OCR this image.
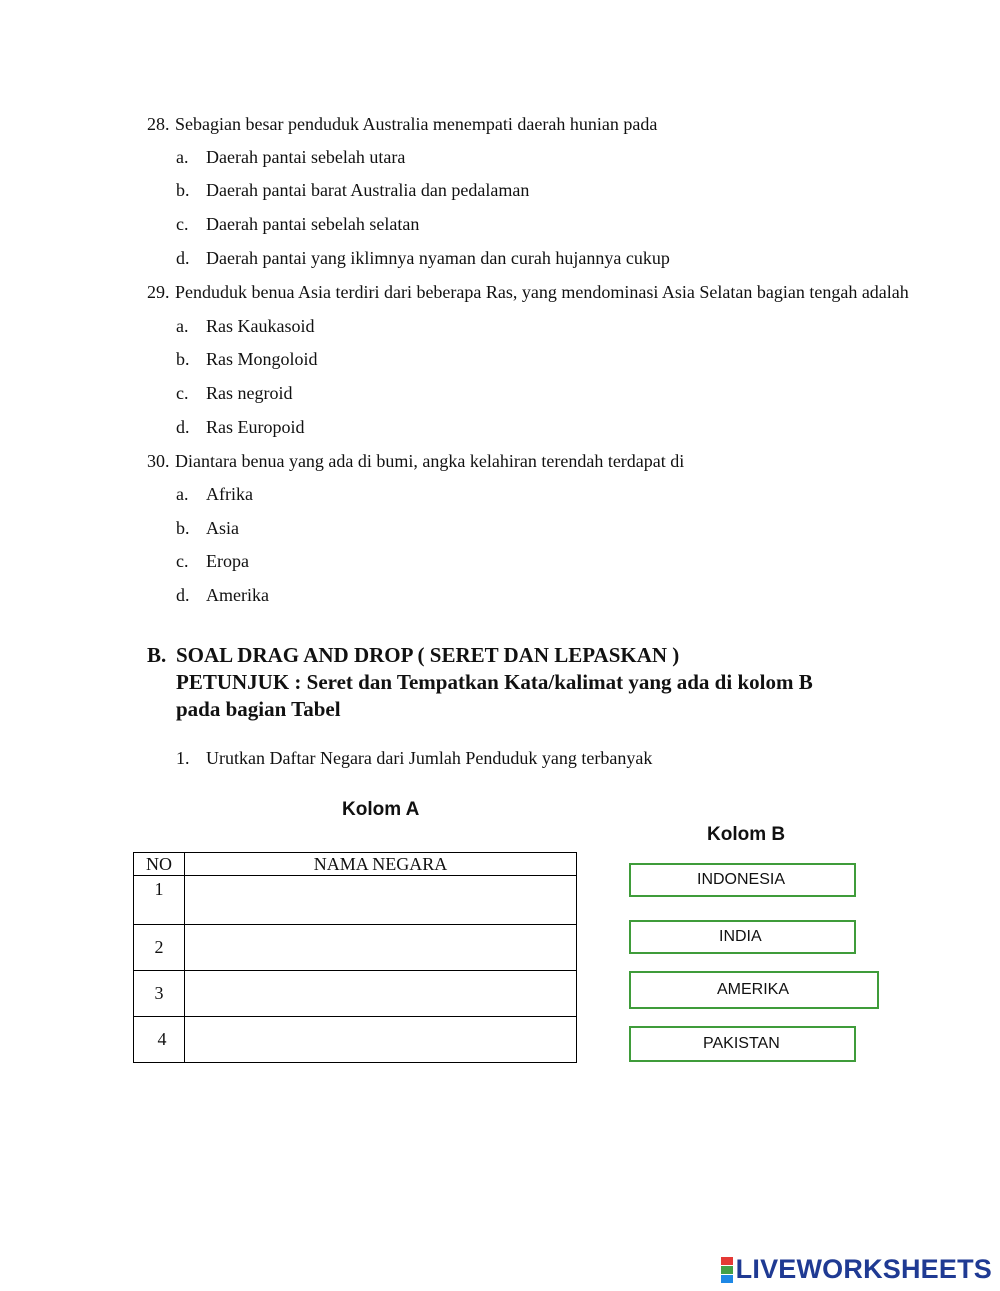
28. Sebagian besar penduduk Australia menempati daerah hunian pada
a. Daerah pantai sebelah utara
b. Daerah pantai barat Australia dan pedalaman
c. Daerah pantai sebelah selatan
d. Daerah pantai yang iklimnya nyaman dan curah hujannya cukup
29. Penduduk benua Asia terdiri dari beberapa Ras, yang mendominasi Asia Selatan bagian tengah adalah
a. Ras Kaukasoid
b. Ras Mongoloid
c. Ras negroid
d. Ras Europoid
30. Diantara benua yang ada di bumi, angka kelahiran terendah terdapat di
a. Afrika
b. Asia
c. Eropa
d. Amerika
B. SOAL DRAG AND DROP ( SERET DAN LEPASKAN )
PETUNJUK : Seret dan Tempatkan Kata/kalimat yang ada di kolom B
pada bagian Tabel
1. Urutkan Daftar Negara dari Jumlah Penduduk yang terbanyak
Kolom A
NO	NAMA NEGARA
1	
2	
3	
4	
Kolom B
INDONESIA
INDIA
AMERIKA
PAKISTAN
LIVEWORKSHEETS
